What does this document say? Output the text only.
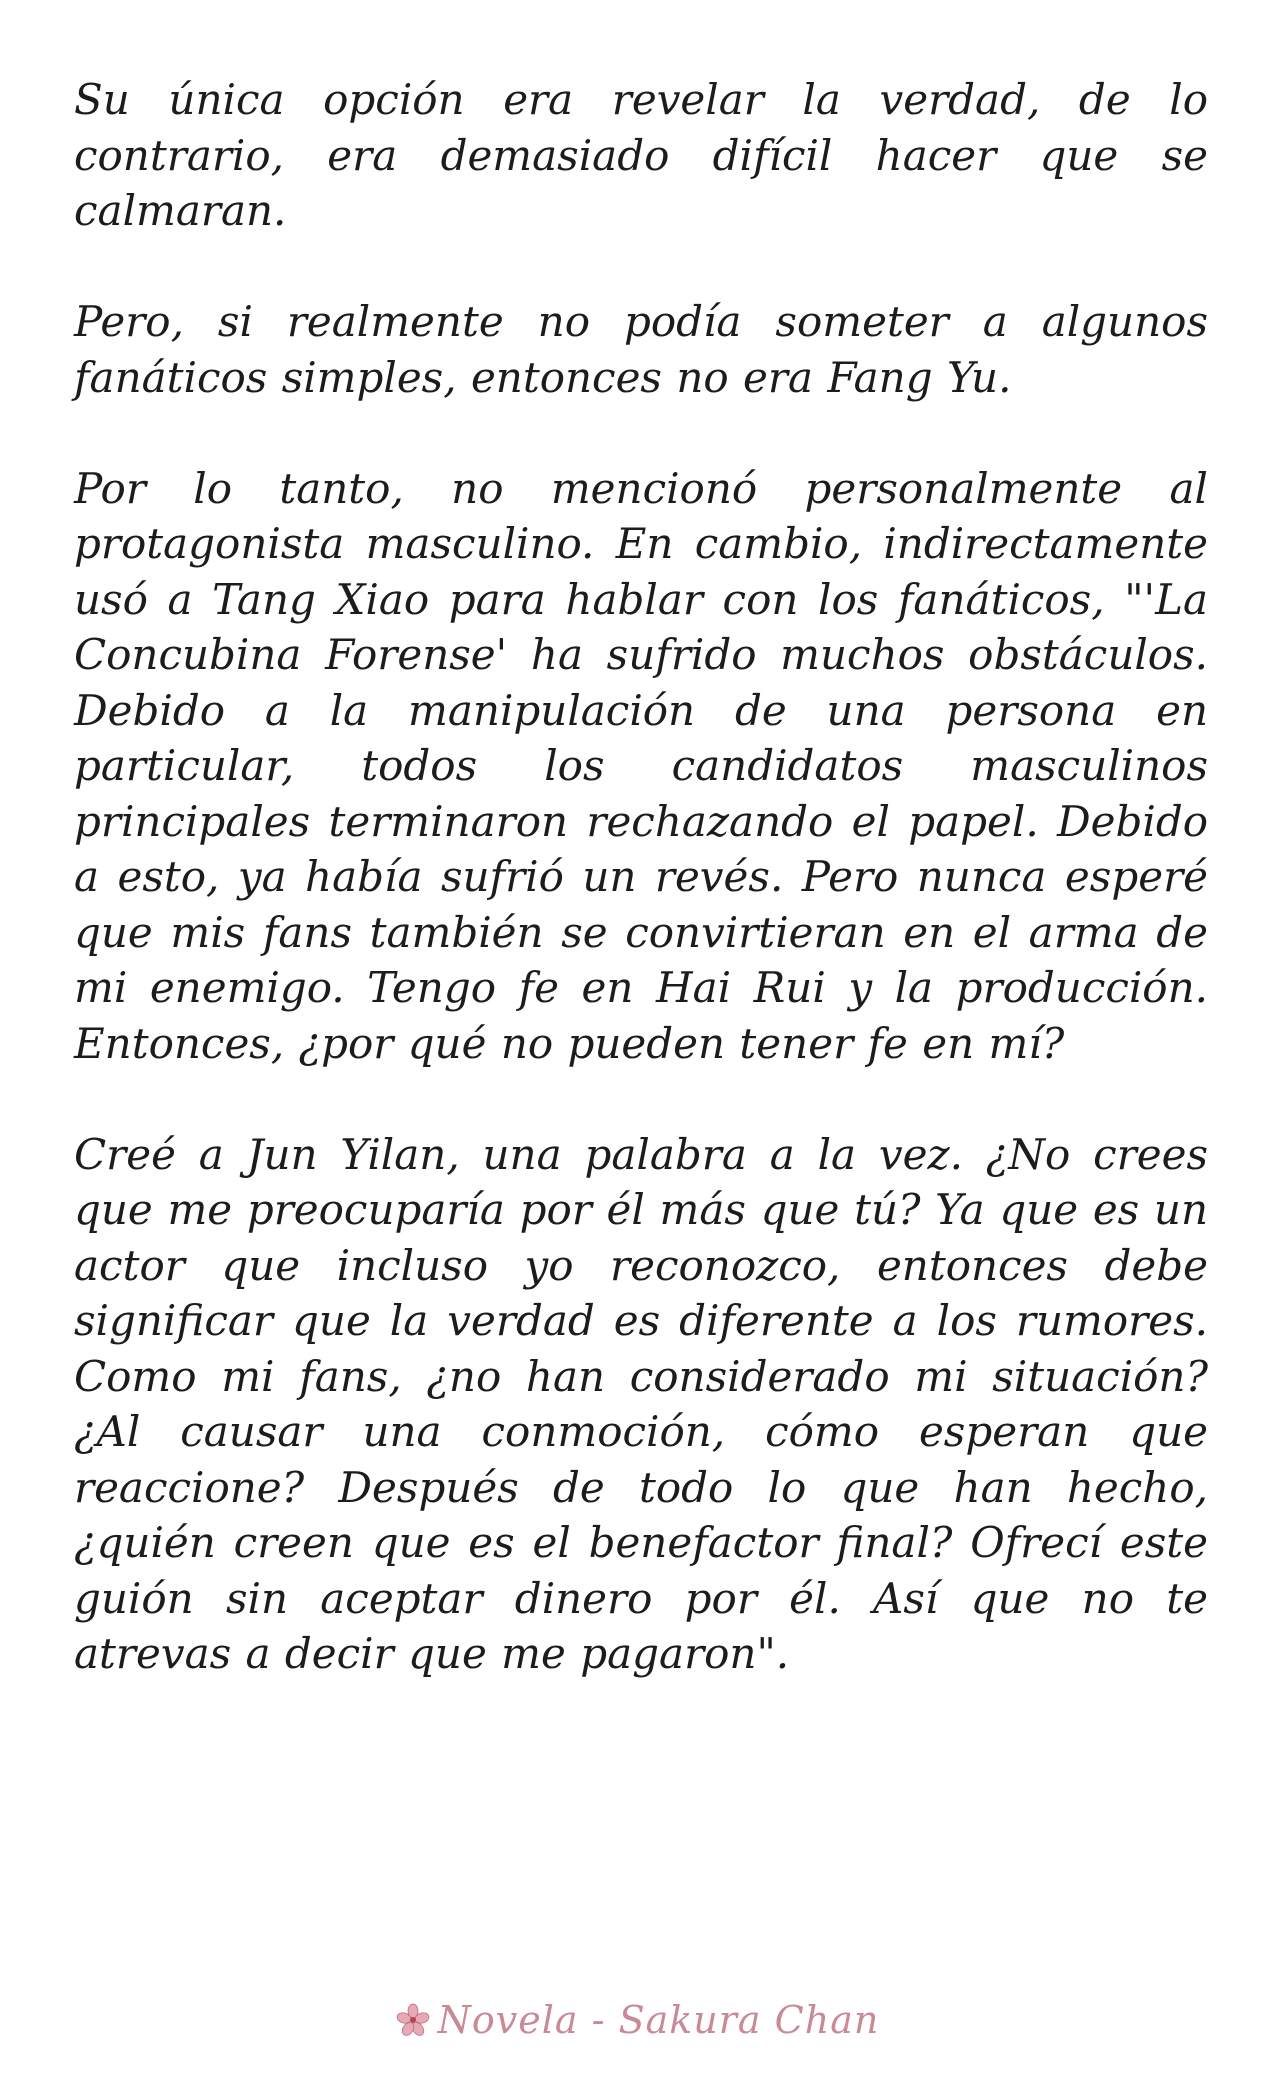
Su única opción era revelar la verdad, de lo contrario, era demasiado difícil hacer que se calmaran.

Pero, si realmente no podía someter a algunos fanáticos simples, entonces no era Fang Yu.

Por lo tanto, no mencionó personalmente al protagonista masculino. En cambio, indirectamente usó a Tang Xiao para hablar con los fanáticos, "'La Concubina Forense' ha sufrido muchos obstáculos. Debido a la manipulación de una persona en particular, todos los candidatos masculinos principales terminaron rechazando el papel. Debido a esto, ya había sufrió un revés. Pero nunca esperé que mis fans también se convirtieran en el arma de mi enemigo. Tengo fe en Hai Rui y la producción. Entonces, ¿por qué no pueden tener fe en mí?

Creé a Jun Yilan, una palabra a la vez. ¿No crees que me preocuparía por él más que tú? Ya que es un actor que incluso yo reconozco, entonces debe significar que la verdad es diferente a los rumores. Como mi fans, ¿no han considerado mi situación? ¿Al causar una conmoción, cómo esperan que reaccione? Después de todo lo que han hecho, ¿quién creen que es el benefactor final? Ofrecí este guión sin aceptar dinero por él. Así que no te atrevas a decir que me pagaron".

Novela - Sakura Chan
